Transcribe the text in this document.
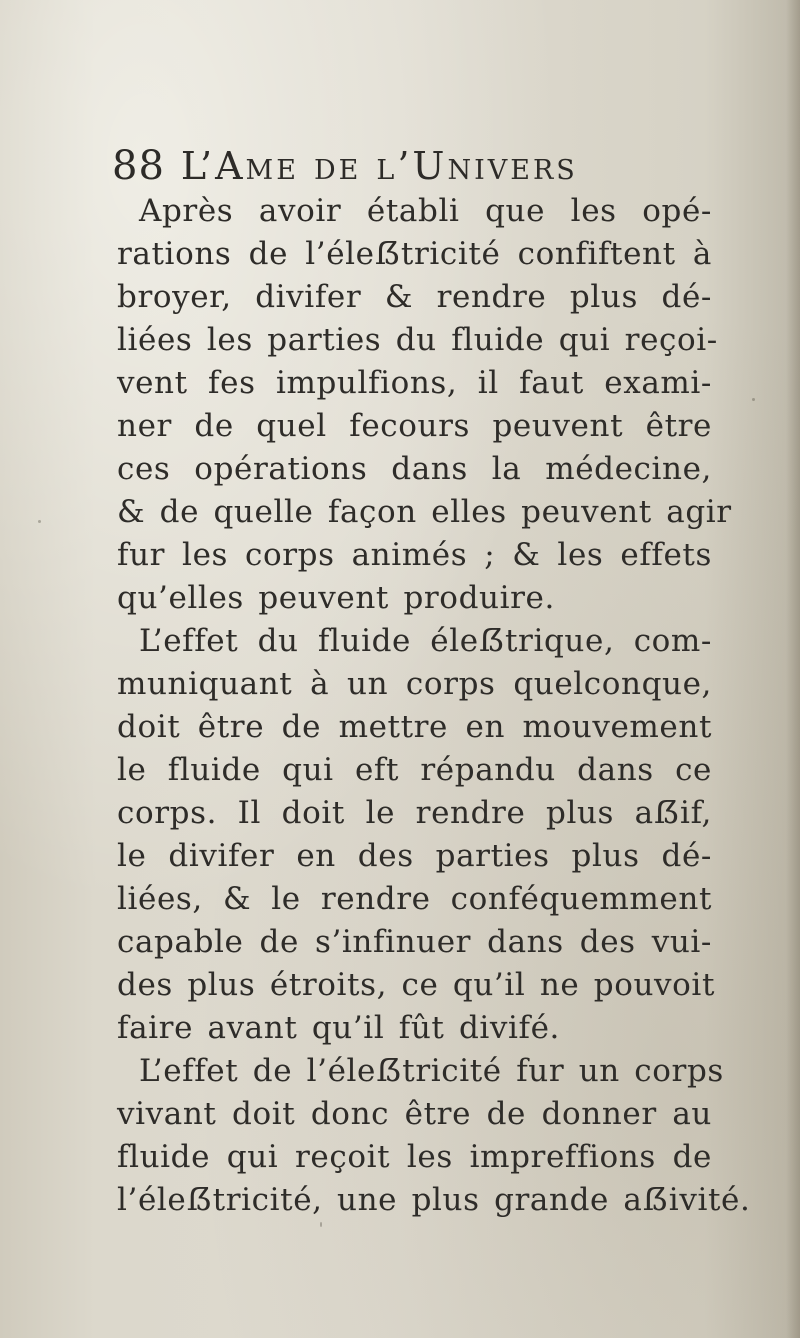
88 L’Ame de l’Univers
Après avoir établi que les opé-
rations de l’éleẞtricité confiftent à
broyer, divifer & rendre plus dé-
liées les parties du fluide qui reçoi-
vent fes impulfions, il faut exami-
ner de quel fecours peuvent être
ces opérations dans la médecine,
& de quelle façon elles peuvent agir
fur les corps animés ; & les effets
qu’elles peuvent produire.
L’effet du fluide éleẞtrique, com-
muniquant à un corps quelconque,
doit être de mettre en mouvement
le fluide qui eft répandu dans ce
corps. Il doit le rendre plus aẞif,
le divifer en des parties plus dé-
liées, & le rendre conféquemment
capable de s’infinuer dans des vui-
des plus étroits, ce qu’il ne pouvoit
faire avant qu’il fût divifé.
L’effet de l’éleẞtricité fur un corps
vivant doit donc être de donner au
fluide qui reçoit les impreffions de
l’éleẞtricité, une plus grande aẞivité.
